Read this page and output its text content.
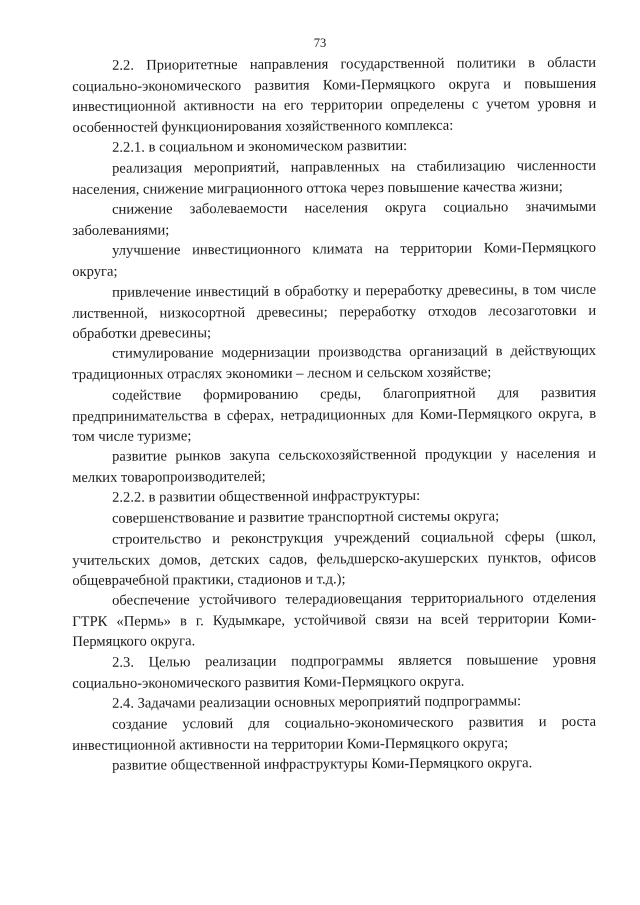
73

2.2. Приоритетные направления государственной политики в области социально-экономического развития Коми-Пермяцкого округа и повышения инвестиционной активности на его территории определены с учетом уровня и особенностей функционирования хозяйственного комплекса:

2.2.1. в социальном и экономическом развитии:

реализация мероприятий, направленных на стабилизацию численности населения, снижение миграционного оттока через повышение качества жизни;

снижение заболеваемости населения округа социально значимыми заболеваниями;

улучшение инвестиционного климата на территории Коми-Пермяцкого округа;

привлечение инвестиций в обработку и переработку древесины, в том числе лиственной, низкосортной древесины; переработку отходов лесозаготовки и обработки древесины;

стимулирование модернизации производства организаций в действующих традиционных отраслях экономики – лесном и сельском хозяйстве;

содействие формированию среды, благоприятной для развития предпринимательства в сферах, нетрадиционных для Коми-Пермяцкого округа, в том числе туризме;

развитие рынков закупа сельскохозяйственной продукции у населения и мелких товаропроизводителей;

2.2.2. в развитии общественной инфраструктуры:

совершенствование и развитие транспортной системы округа;

строительство и реконструкция учреждений социальной сферы (школ, учительских домов, детских садов, фельдшерско-акушерских пунктов, офисов общеврачебной практики, стадионов и т.д.);

обеспечение устойчивого телерадиовещания территориального отделения ГТРК «Пермь» в г. Кудымкаре, устойчивой связи на всей территории Коми-Пермяцкого округа.

2.3. Целью реализации подпрограммы является повышение уровня социально-экономического развития Коми-Пермяцкого округа.

2.4. Задачами реализации основных мероприятий подпрограммы:

создание условий для социально-экономического развития и роста инвестиционной активности на территории Коми-Пермяцкого округа;

развитие общественной инфраструктуры Коми-Пермяцкого округа.
